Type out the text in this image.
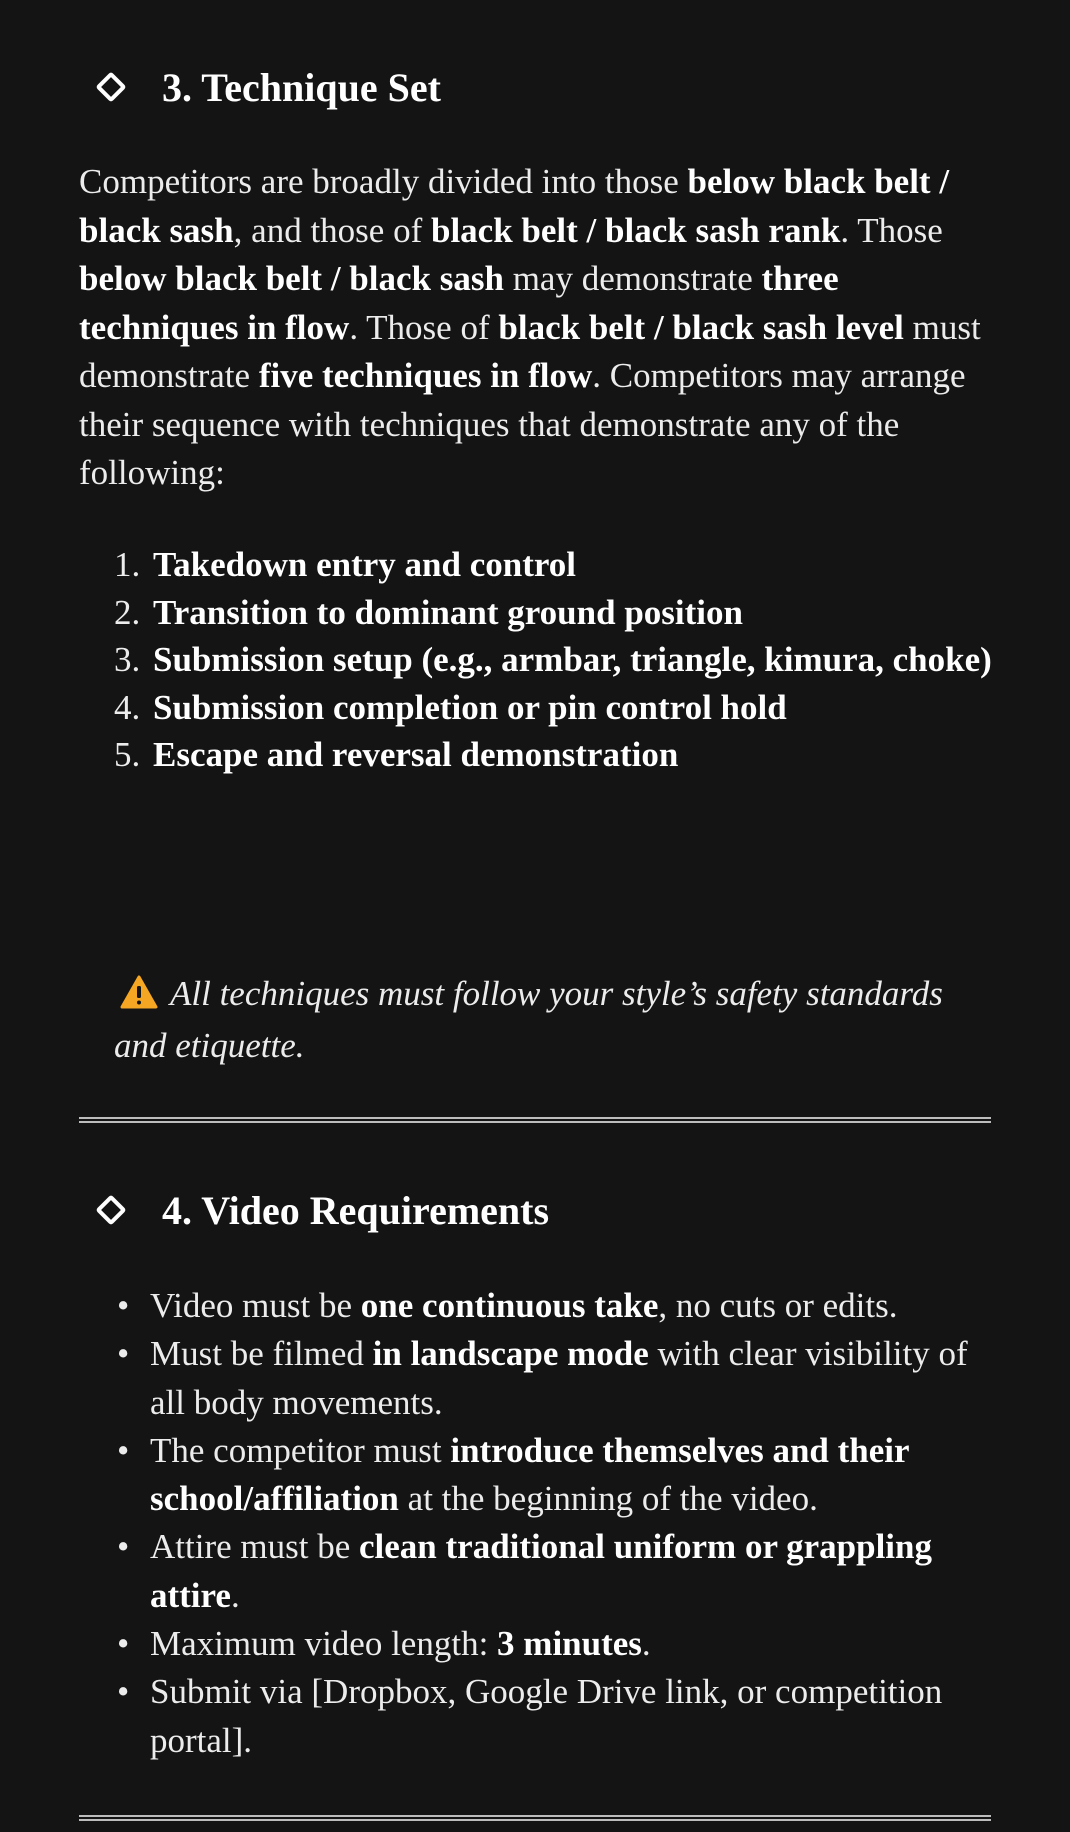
3. Technique Set
Competitors are broadly divided into those below black belt / black sash, and those of black belt / black sash rank. Those below black belt / black sash may demonstrate three techniques in flow. Those of black belt / black sash level must demonstrate five techniques in flow. Competitors may arrange their sequence with techniques that demonstrate any of the following:
1. Takedown entry and control
2. Transition to dominant ground position
3. Submission setup (e.g., armbar, triangle, kimura, choke)
4. Submission completion or pin control hold
5. Escape and reversal demonstration
All techniques must follow your style’s safety standards and etiquette.
4. Video Requirements
• Video must be one continuous take, no cuts or edits.
• Must be filmed in landscape mode with clear visibility of all body movements.
• The competitor must introduce themselves and their school/affiliation at the beginning of the video.
• Attire must be clean traditional uniform or grappling attire.
• Maximum video length: 3 minutes.
• Submit via [Dropbox, Google Drive link, or competition portal].
